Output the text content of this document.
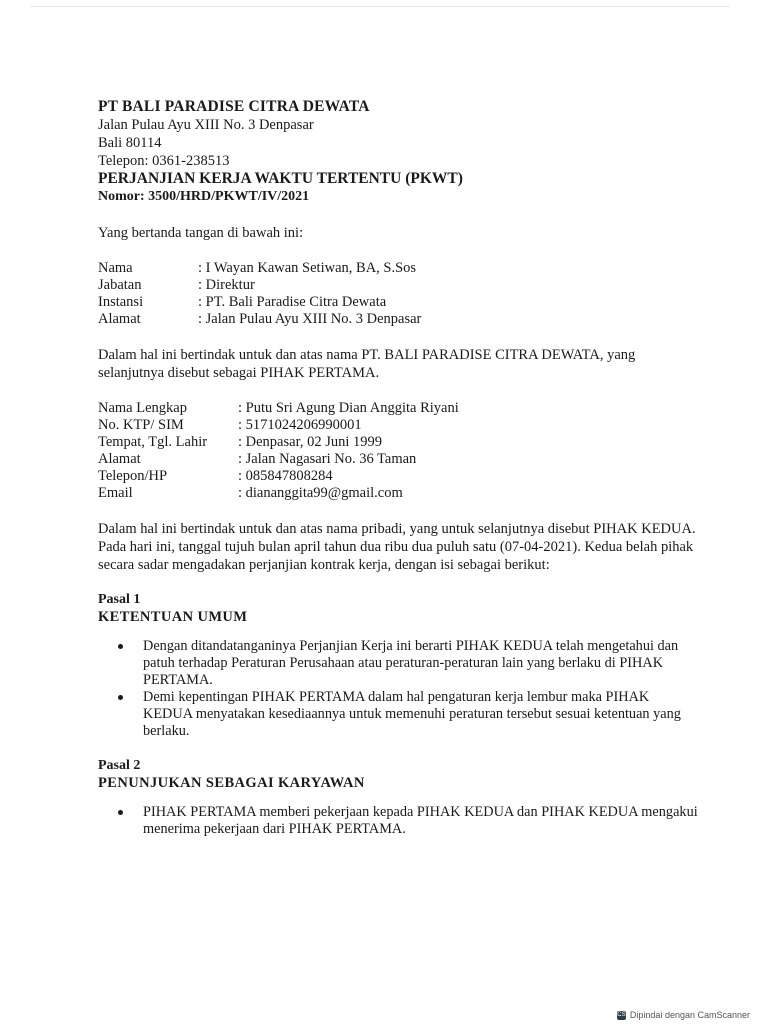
PT BALI PARADISE CITRA DEWATA
Jalan Pulau Ayu XIII No. 3 Denpasar
Bali 80114
Telepon: 0361-238513
PERJANJIAN KERJA WAKTU TERTENTU (PKWT)
Nomor: 3500/HRD/PKWT/IV/2021
Yang bertanda tangan di bawah ini:
Nama	: I Wayan Kawan Setiwan, BA, S.Sos
Jabatan	: Direktur
Instansi	: PT. Bali Paradise Citra Dewata
Alamat	: Jalan Pulau Ayu XIII No. 3 Denpasar
Dalam hal ini bertindak untuk dan atas nama PT. BALI PARADISE CITRA DEWATA, yang selanjutnya disebut sebagai PIHAK PERTAMA.
Nama Lengkap	: Putu Sri Agung Dian Anggita Riyani
No. KTP/ SIM	: 5171024206990001
Tempat, Tgl. Lahir	: Denpasar, 02 Juni 1999
Alamat	: Jalan Nagasari No. 36 Taman
Telepon/HP	: 085847808284
Email	: diananggita99@gmail.com
Dalam hal ini bertindak untuk dan atas nama pribadi, yang untuk selanjutnya disebut PIHAK KEDUA.
Pada hari ini, tanggal tujuh bulan april tahun dua ribu dua puluh satu (07-04-2021). Kedua belah pihak secara sadar mengadakan perjanjian kontrak kerja, dengan isi sebagai berikut:
Pasal 1
KETENTUAN UMUM
Dengan ditandatanganinya Perjanjian Kerja ini berarti PIHAK KEDUA telah mengetahui dan patuh terhadap Peraturan Perusahaan atau peraturan-peraturan lain yang berlaku di PIHAK PERTAMA.
Demi kepentingan PIHAK PERTAMA dalam hal pengaturan kerja lembur maka PIHAK KEDUA menyatakan kesediaannya untuk memenuhi peraturan tersebut sesuai ketentuan yang berlaku.
Pasal 2
PENUNJUKAN SEBAGAI KARYAWAN
PIHAK PERTAMA memberi pekerjaan kepada PIHAK KEDUA dan PIHAK KEDUA mengakui menerima pekerjaan dari PIHAK PERTAMA.
CS Dipindai dengan CamScanner
